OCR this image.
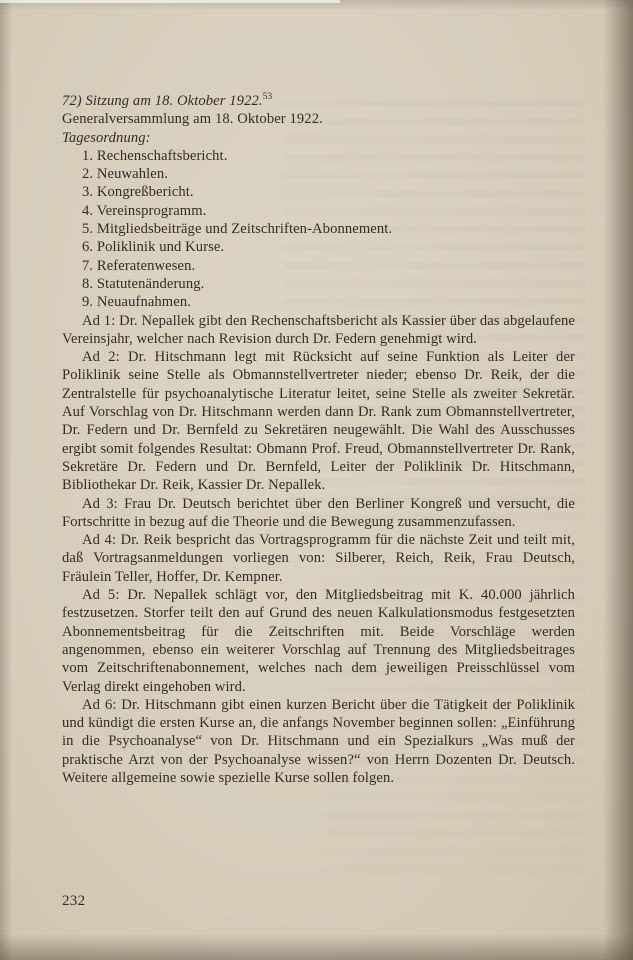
72) Sitzung am 18. Oktober 1922.53

Generalversammlung am 18. Oktober 1922.

Tagesordnung:

1. Rechenschaftsbericht.
2. Neuwahlen.
3. Kongreßbericht.
4. Vereinsprogramm.
5. Mitgliedsbeiträge und Zeitschriften-Abonnement.
6. Poliklinik und Kurse.
7. Referatenwesen.
8. Statutenänderung.
9. Neuaufnahmen.

Ad 1: Dr. Nepallek gibt den Rechenschaftsbericht als Kassier über das abgelaufene Vereinsjahr, welcher nach Revision durch Dr. Federn genehmigt wird.

Ad 2: Dr. Hitschmann legt mit Rücksicht auf seine Funktion als Leiter der Poliklinik seine Stelle als Obmannstellvertreter nieder; ebenso Dr. Reik, der die Zentralstelle für psychoanalytische Literatur leitet, seine Stelle als zweiter Sekretär. Auf Vorschlag von Dr. Hitschmann werden dann Dr. Rank zum Obmannstellvertreter, Dr. Federn und Dr. Bernfeld zu Sekretären neugewählt. Die Wahl des Ausschusses ergibt somit folgendes Resultat: Obmann Prof. Freud, Obmannstellvertreter Dr. Rank, Sekretäre Dr. Federn und Dr. Bernfeld, Leiter der Poliklinik Dr. Hitschmann, Bibliothekar Dr. Reik, Kassier Dr. Nepallek.

Ad 3: Frau Dr. Deutsch berichtet über den Berliner Kongreß und versucht, die Fortschritte in bezug auf die Theorie und die Bewegung zusammenzufassen.

Ad 4: Dr. Reik bespricht das Vortragsprogramm für die nächste Zeit und teilt mit, daß Vortragsanmeldungen vorliegen von: Silberer, Reich, Reik, Frau Deutsch, Fräulein Teller, Hoffer, Dr. Kempner.

Ad 5: Dr. Nepallek schlägt vor, den Mitgliedsbeitrag mit K. 40.000 jährlich festzusetzen. Storfer teilt den auf Grund des neuen Kalkulationsmodus festgesetzten Abonnementsbeitrag für die Zeitschriften mit. Beide Vorschläge werden angenommen, ebenso ein weiterer Vorschlag auf Trennung des Mitgliedsbeitrages vom Zeitschriftenabonnement, welches nach dem jeweiligen Preisschlüssel vom Verlag direkt eingehoben wird.

Ad 6: Dr. Hitschmann gibt einen kurzen Bericht über die Tätigkeit der Poliklinik und kündigt die ersten Kurse an, die anfangs November beginnen sollen: „Einführung in die Psychoanalyse“ von Dr. Hitschmann und ein Spezialkurs „Was muß der praktische Arzt von der Psychoanalyse wissen?“ von Herrn Dozenten Dr. Deutsch. Weitere allgemeine sowie spezielle Kurse sollen folgen.

232
